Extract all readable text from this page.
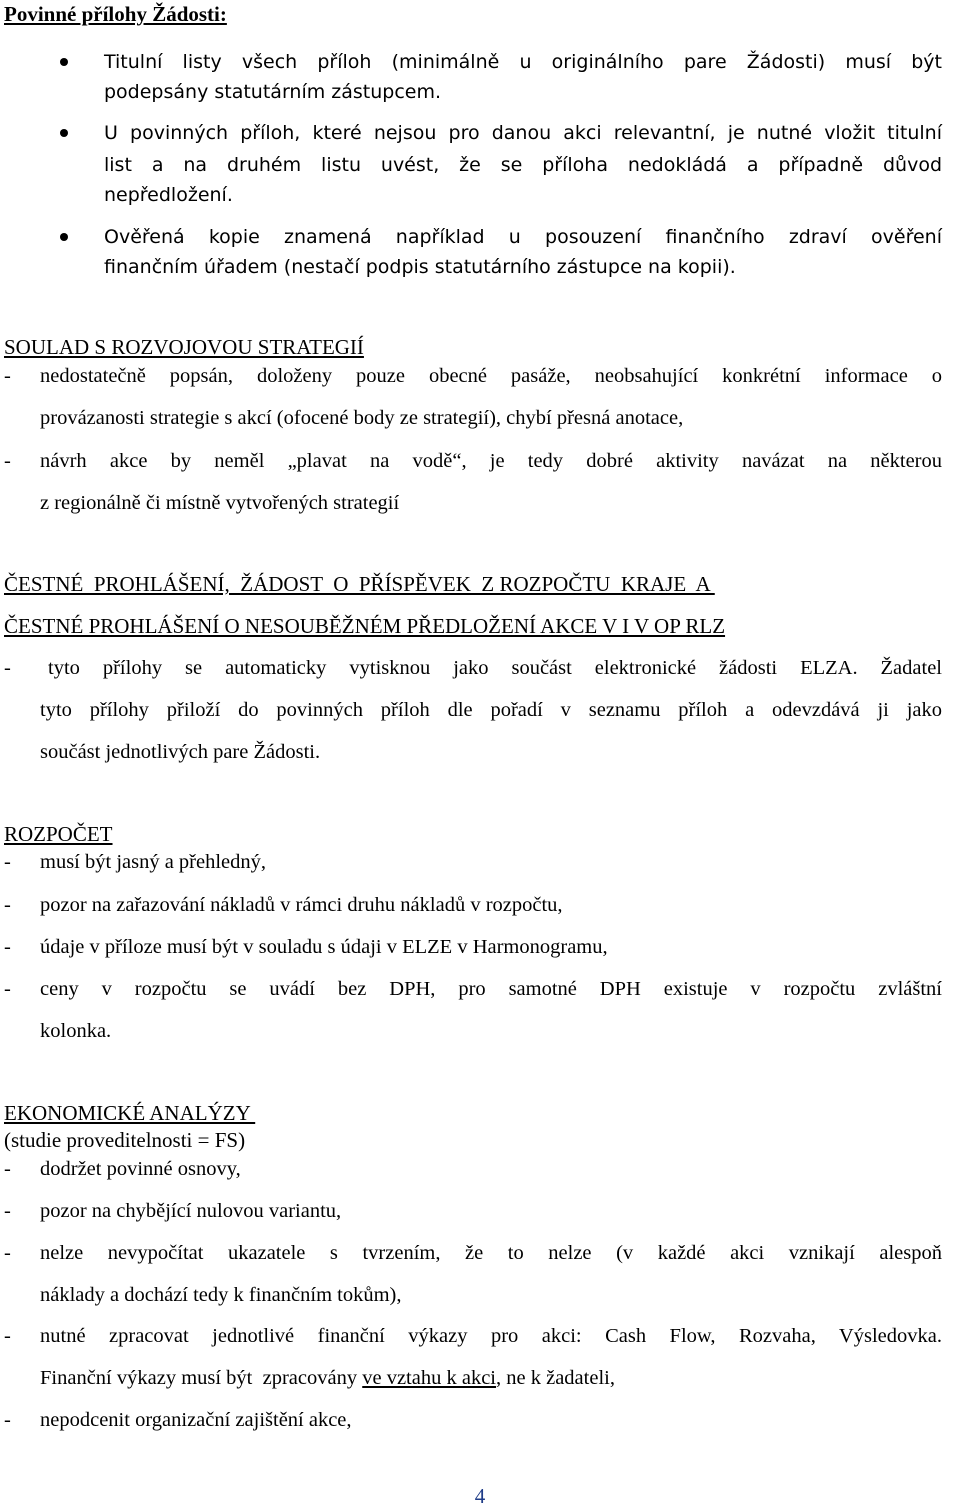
Povinné přílohy Žádosti:
Titulní listy všech příloh (minimálně u originálního pare Žádosti) musí být
podepsány statutárním zástupcem.
U povinných příloh, které nejsou pro danou akci relevantní, je nutné vložit titulní
list a na druhém listu uvést, že se příloha nedokládá a případně důvod
nepředložení.
Ověřená kopie znamená například u posouzení finančního zdraví ověření
finančním úřadem (nestačí podpis statutárního zástupce na kopii).
SOULAD S ROZVOJOVOU STRATEGIÍ
- nedostatečně popsán, doloženy pouze obecné pasáže, neobsahující konkrétní informace o
provázanosti strategie s akcí (ofocené body ze strategií), chybí přesná anotace,
- návrh akce by neměl „plavat na vodě“, je tedy dobré aktivity navázat na některou
z regionálně či místně vytvořených strategií
ČESTNÉ  PROHLÁŠENÍ,  ŽÁDOST  O  PŘÍSPĚVEK  Z ROZPOČTU  KRAJE  A
ČESTNÉ PROHLÁŠENÍ O NESOUBĚŽNÉM PŘEDLOŽENÍ AKCE V I V OP RLZ
- tyto přílohy se automaticky vytisknou jako součást elektronické žádosti ELZA. Žadatel
tyto přílohy přiloží do povinných příloh dle pořadí v seznamu příloh a odevzdává ji jako
součást jednotlivých pare Žádosti.
ROZPOČET
- musí být jasný a přehledný,
- pozor na zařazování nákladů v rámci druhu nákladů v rozpočtu,
- údaje v příloze musí být v souladu s údaji v ELZE v Harmonogramu,
- ceny v rozpočtu se uvádí bez DPH, pro samotné DPH existuje v rozpočtu zvláštní
kolonka.
EKONOMICKÉ ANALÝZY
(studie proveditelnosti = FS)
- dodržet povinné osnovy,
- pozor na chybějící nulovou variantu,
- nelze nevypočítat ukazatele s tvrzením, že to nelze (v každé akci vznikají alespoň
náklady a dochází tedy k finančním tokům),
- nutné zpracovat jednotlivé finanční výkazy pro akci: Cash Flow, Rozvaha, Výsledovka.
Finanční výkazy musí být  zpracovány ve vztahu k akci, ne k žadateli,
- nepodcenit organizační zajištění akce,
4
